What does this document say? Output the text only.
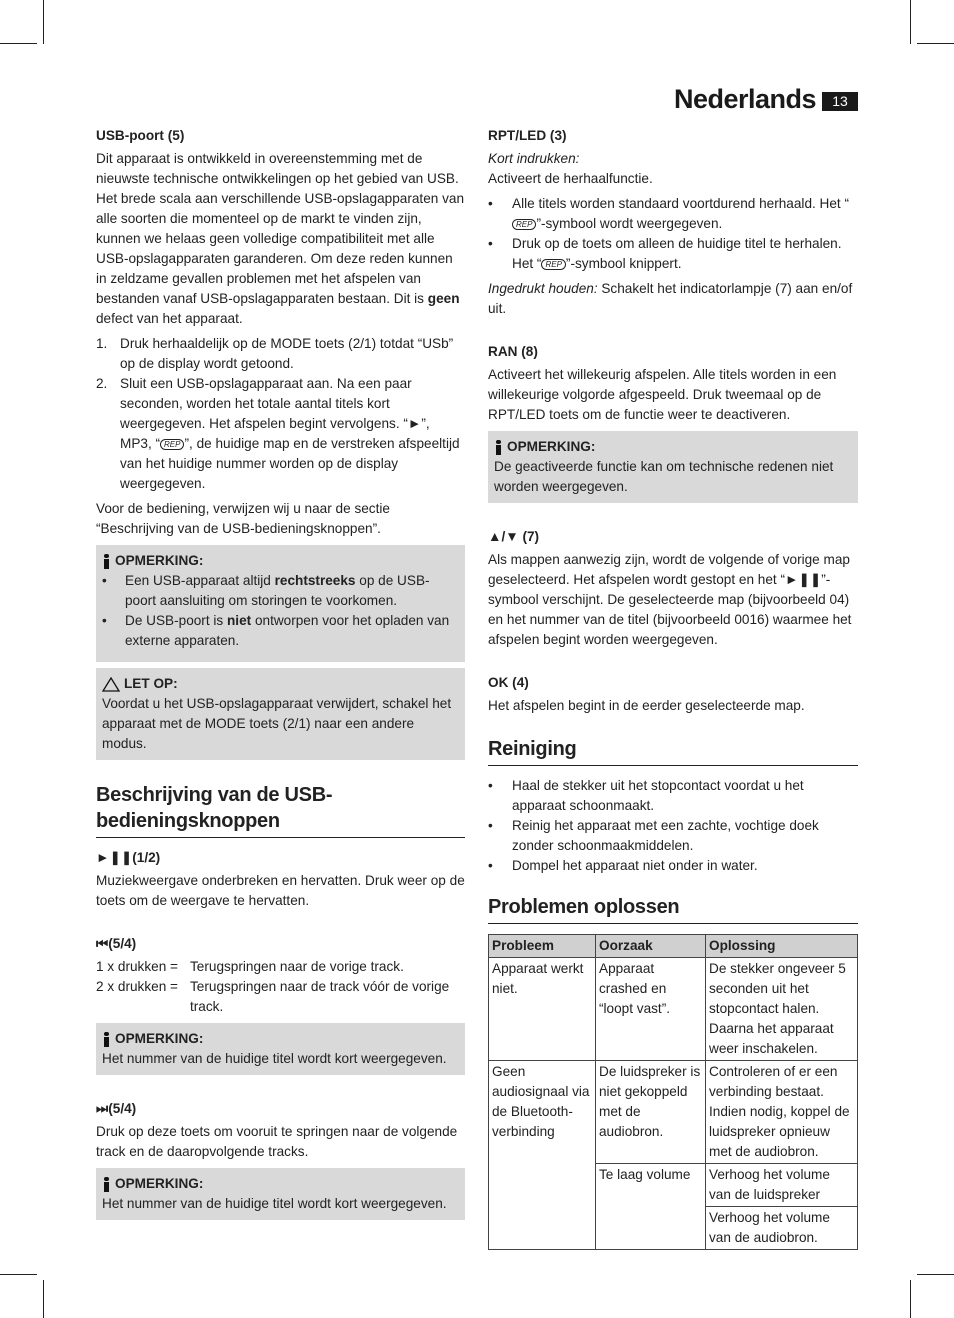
Nederlands	13

USB-poort (5)

Dit apparaat is ontwikkeld in overeenstemming met de nieuwste technische ontwikkelingen op het gebied van USB. Het brede scala aan verschillende USB-opslagapparaten van alle soorten die momenteel op de markt te vinden zijn, kunnen we helaas geen volledige compatibiliteit met alle USB-opslagapparaten garanderen. Om deze reden kunnen in zeldzame gevallen problemen met het afspelen van bestanden vanaf USB-opslagapparaten bestaan. Dit is geen defect van het apparaat.

1. Druk herhaaldelijk op de MODE toets (2/1) totdat “USb” op de display wordt getoond.
2. Sluit een USB-opslagapparaat aan. Na een paar seconden, worden het totale aantal titels kort weergegeven. Het afspelen begint vervolgens. “►”, MP3, “ REP ”, de huidige map en de verstreken afspeeltijd van het huidige nummer worden op de display weergegeven.

Voor de bediening, verwijzen wij u naar de sectie “Beschrijving van de USB-bedieningsknoppen”.

OPMERKING:
• Een USB-apparaat altijd rechtstreeks op de USB-poort aansluiting om storingen te voorkomen.
• De USB-poort is niet ontworpen voor het opladen van externe apparaten.
LET OP:
Voordat u het USB-opslagapparaat verwijdert, schakel het apparaat met de MODE toets (2/1) naar een andere modus.
Beschrijving van de USB-bedieningsknoppen

►❚❚(1/2)

Muziekweergave onderbreken en hervatten. Druk weer op de toets om de weergave te hervatten.

⏮(5/4)

1 x drukken = Terugspringen naar de vorige track.
2 x drukken = Terugspringen naar de track vóór de vorige track.
OPMERKING:
Het nummer van de huidige titel wordt kort weergegeven.

⏭(5/4)

Druk op deze toets om vooruit te springen naar de volgende track en de daaropvolgende tracks.

OPMERKING:
Het nummer van de huidige titel wordt kort weergegeven.

RPT/LED (3)

Kort indrukken:

Activeert de herhaalfunctie.

• Alle titels worden standaard voortdurend herhaald. Het “REP ”-symbool wordt weergegeven.
• Druk op de toets om alleen de huidige titel te herhalen. Het “ REP ”-symbool knippert.

Ingedrukt houden: Schakelt het indicatorlampje (7) aan en/of uit.

RAN (8)

Activeert het willekeurig afspelen. Alle titels worden in een willekeurige volgorde afgespeeld. Druk tweemaal op de RPT/LED toets om de functie weer te deactiveren.

OPMERKING:
De geactiveerde functie kan om technische redenen niet worden weergegeven.

▲/▼ (7)

Als mappen aanwezig zijn, wordt de volgende of vorige map geselecteerd. Het afspelen wordt gestopt en het “►❚❚”-symbool verschijnt. De geselecteerde map (bijvoorbeeld 04) en het nummer van de titel (bijvoorbeeld 0016) waarmee het afspelen begint worden weergegeven.

OK (4)

Het afspelen begint in de eerder geselecteerde map.

Reiniging
• Haal de stekker uit het stopcontact voordat u het apparaat schoonmaakt.
• Reinig het apparaat met een zachte, vochtige doek zonder schoonmaakmiddelen.
• Dompel het apparaat niet onder in water.
Problemen oplossen
Probleem	Oorzaak	Oplossing
Apparaat werkt niet.	Apparaat crashed en “loopt vast”.	De stekker ongeveer 5 seconden uit het stopcontact halen. Daarna het apparaat weer inschakelen.
Geen audiosignaal via de Bluetooth-verbinding	De luidspreker is niet gekoppeld met de audiobron.	Controleren of er een verbinding bestaat. Indien nodig, koppel de luidspreker opnieuw met de audiobron.
	Te laag volume	Verhoog het volume van de luidspreker
		Verhoog het volume van de audiobron.
